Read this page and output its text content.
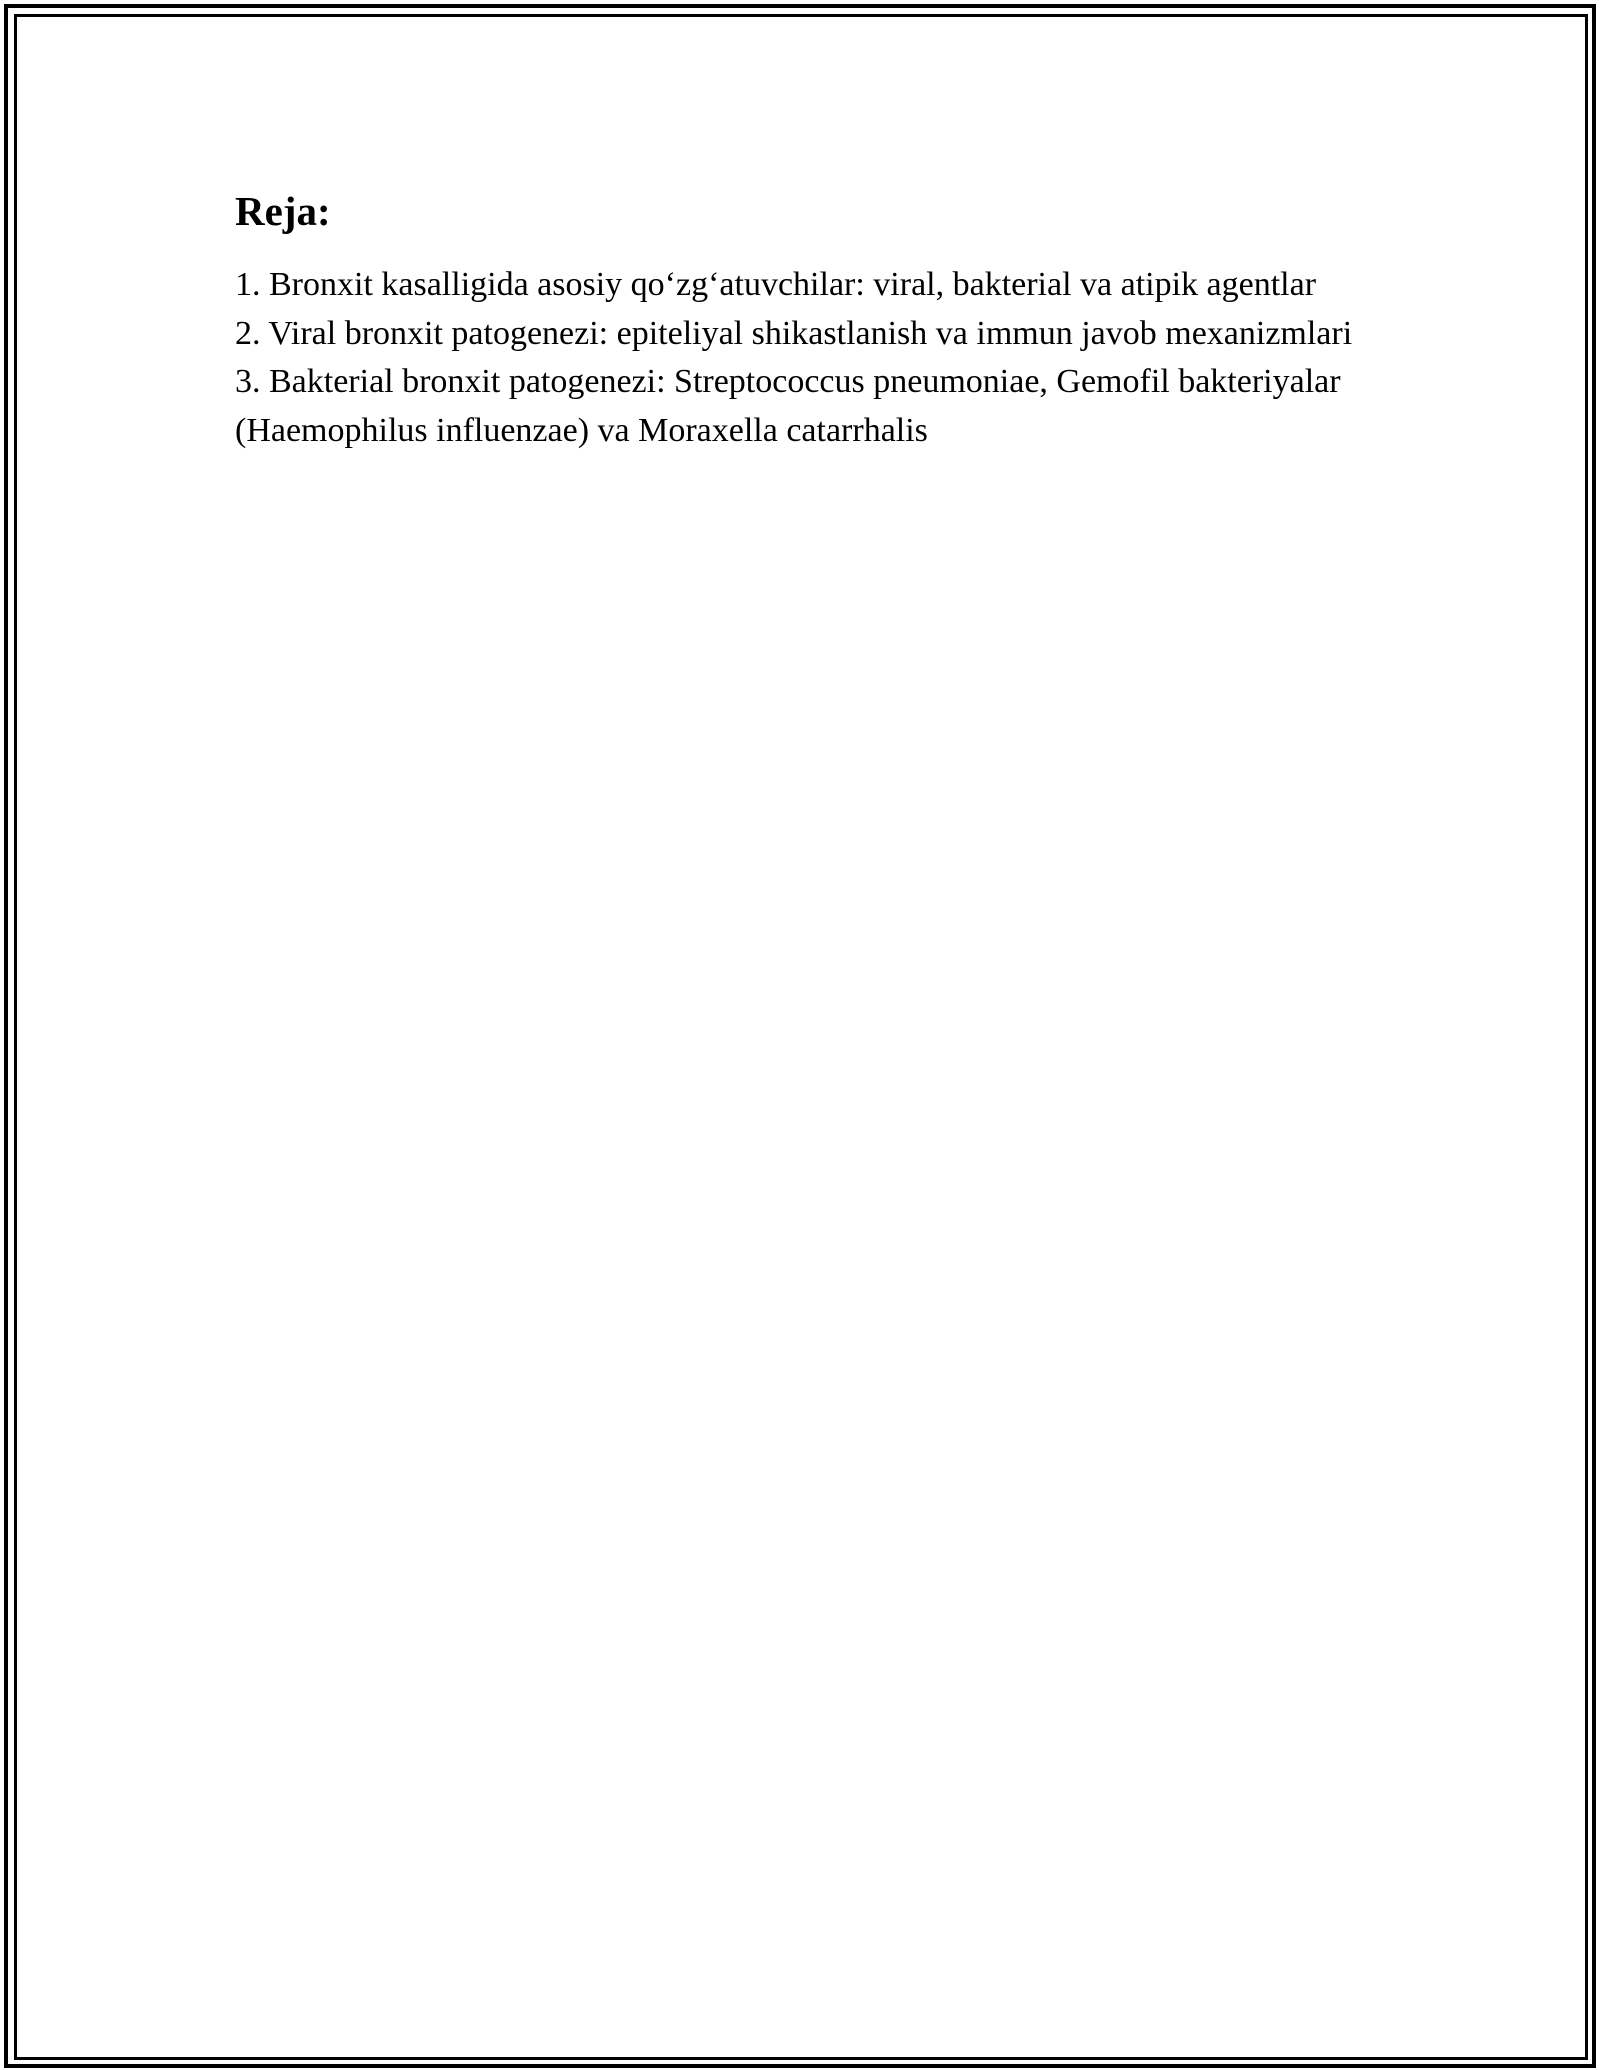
Reja:
1. Bronxit kasalligida asosiy qo‘zg‘atuvchilar: viral, bakterial va atipik agentlar
2. Viral bronxit patogenezi: epiteliyal shikastlanish va immun javob mexanizmlari
3. Bakterial bronxit patogenezi: Streptococcus pneumoniae, Gemofil bakteriyalar (Haemophilus influenzae) va Moraxella catarrhalis
